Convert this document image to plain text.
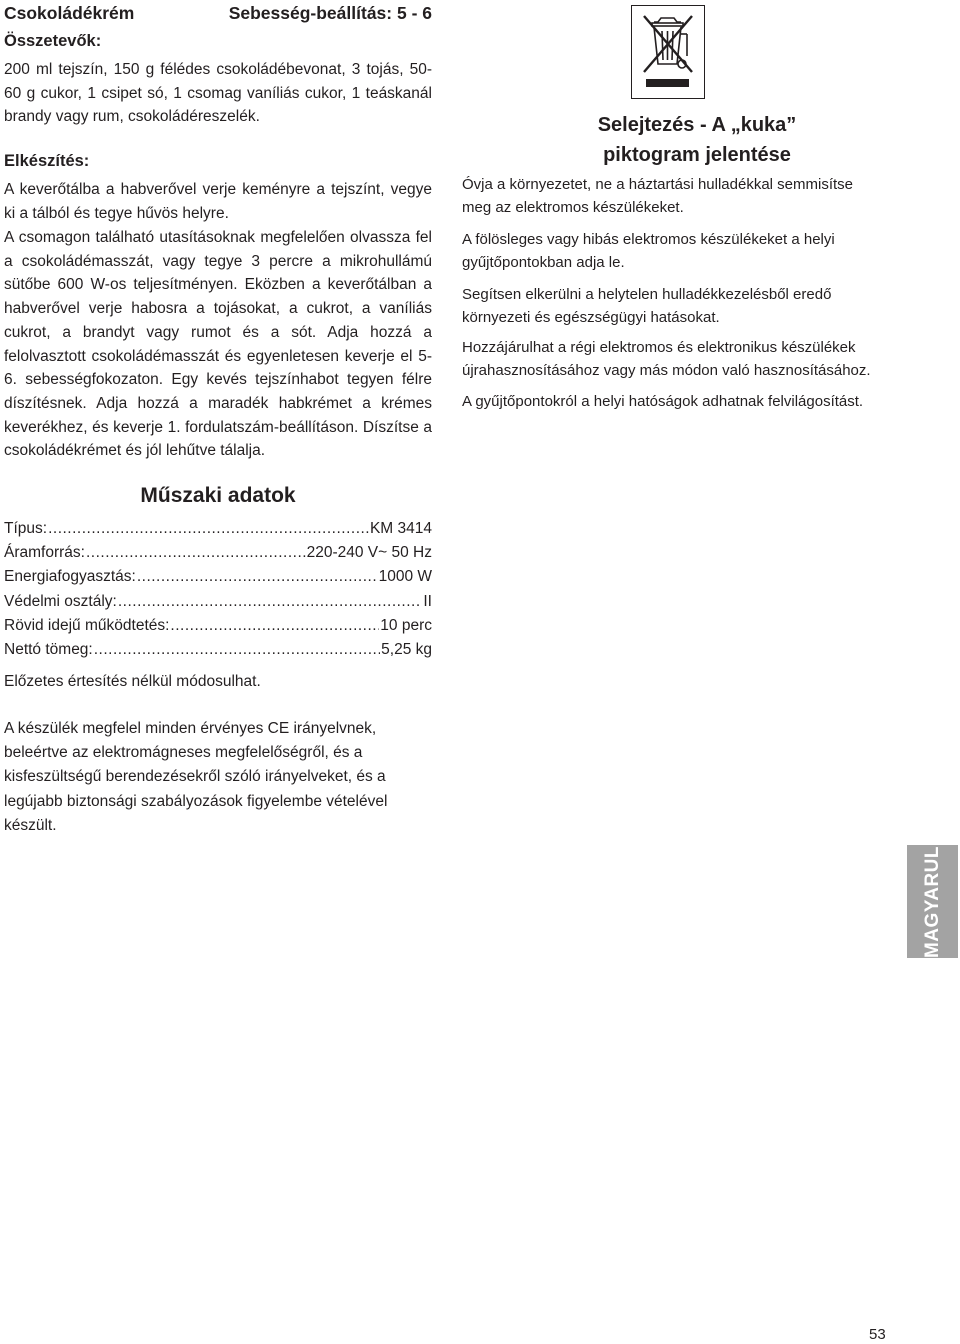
Csokoládékrém	Sebesség-beállítás: 5 - 6
Összetevők:
200 ml tejszín, 150 g félédes csokoládébevonat, 3 tojás, 50-60 g cukor, 1 csipet só, 1 csomag vaníliás cukor, 1 teáskanál brandy vagy rum, csokoládéreszelék.
Elkészítés:
A keverőtálba a habverővel verje keményre a tejszínt, vegye ki a tálból és tegye hűvös helyre.
A csomagon található utasításoknak megfelelően olvassza fel a csokoládémasszát, vagy tegye 3 percre a mikrohullámú sütőbe 600 W-os teljesítményen. Eközben a keverőtálban a habverővel verje habosra a tojásokat, a cukrot, a vaníliás cukrot, a brandyt vagy rumot és a sót. Adja hozzá a felolvasztott csokoládémasszát és egyenletesen keverje el 5-6. sebességfokozaton. Egy kevés tejszínhabot tegyen félre díszítésnek. Adja hozzá a maradék habkrémet a krémes keverékhez, és keverje 1. fordulatszám-beállításon. Díszítse a csokoládékrémet és jól lehűtve tálalja.
Műszaki adatok
Típus: .....	KM 3414
Áramforrás: .....	220-240 V~ 50 Hz
Energiafogyasztás: .....	1000 W
Védelmi osztály: .....	II
Rövid idejű működtetés: .....	10 perc
Nettó tömeg: .....	5,25 kg
Előzetes értesítés nélkül módosulhat.
A készülék megfelel minden érvényes CE irányelvnek, beleértve az elektromágneses megfelelőségről, és a kisfeszültségű berendezésekről szóló irányelveket, és a legújabb biztonsági szabályozások figyelembe vételével készült.
Selejtezés - A „kuka”
piktogram jelentése
Óvja a környezetet, ne a háztartási hulladékkal semmisítse meg az elektromos készülékeket.
A fölösleges vagy hibás elektromos készülékeket a helyi gyűjtőpontokban adja le.
Segítsen elkerülni a helytelen hulladékkezelésből eredő környezeti és egészségügyi hatásokat.
Hozzájárulhat a régi elektromos és elektronikus készülékek újrahasznosításához vagy más módon való hasznosításához.
A gyűjtőpontokról a helyi hatóságok adhatnak felvilágosítást.
MAGYARUL
53
